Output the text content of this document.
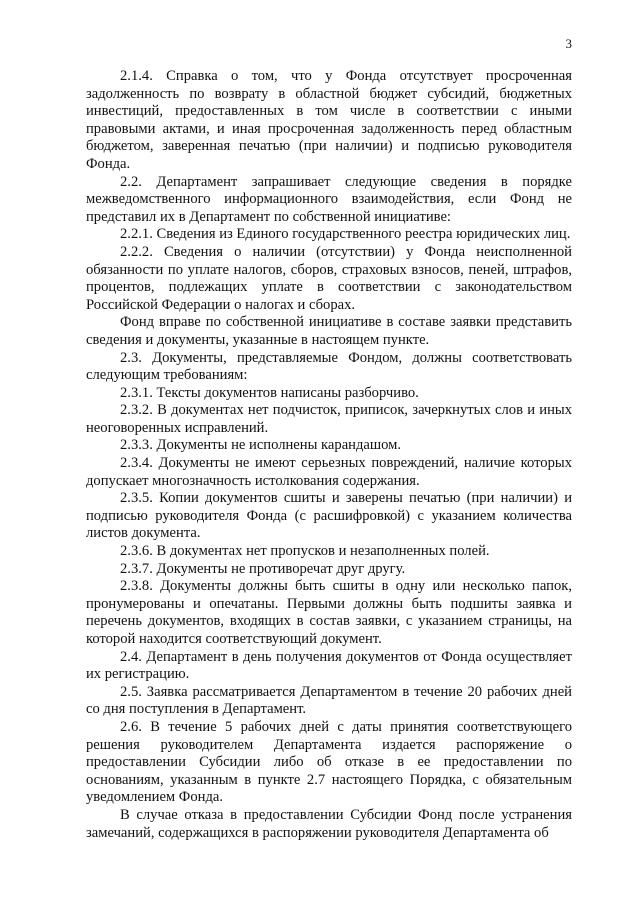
3

2.1.4. Справка о том, что у Фонда отсутствует просроченная задолженность по возврату в областной бюджет субсидий, бюджетных инвестиций, предоставленных в том числе в соответствии с иными правовыми актами, и иная просроченная задолженность перед областным бюджетом, заверенная печатью (при наличии) и подписью руководителя Фонда.

2.2. Департамент запрашивает следующие сведения в порядке межведомственного информационного взаимодействия, если Фонд не представил их в Департамент по собственной инициативе:

2.2.1. Сведения из Единого государственного реестра юридических лиц.

2.2.2. Сведения о наличии (отсутствии) у Фонда неисполненной обязанности по уплате налогов, сборов, страховых взносов, пеней, штрафов, процентов, подлежащих уплате в соответствии с законодательством Российской Федерации о налогах и сборах.

Фонд вправе по собственной инициативе в составе заявки представить сведения и документы, указанные в настоящем пункте.

2.3. Документы, представляемые Фондом, должны соответствовать следующим требованиям:

2.3.1. Тексты документов написаны разборчиво.

2.3.2. В документах нет подчисток, приписок, зачеркнутых слов и иных неоговоренных исправлений.

2.3.3. Документы не исполнены карандашом.

2.3.4. Документы не имеют серьезных повреждений, наличие которых допускает многозначность истолкования содержания.

2.3.5. Копии документов сшиты и заверены печатью (при наличии) и подписью руководителя Фонда (с расшифровкой) с указанием количества листов документа.

2.3.6. В документах нет пропусков и незаполненных полей.

2.3.7. Документы не противоречат друг другу.

2.3.8. Документы должны быть сшиты в одну или несколько папок, пронумерованы и опечатаны. Первыми должны быть подшиты заявка и перечень документов, входящих в состав заявки, с указанием страницы, на которой находится соответствующий документ.

2.4. Департамент в день получения документов от Фонда осуществляет их регистрацию.

2.5. Заявка рассматривается Департаментом в течение 20 рабочих дней со дня поступления в Департамент.

2.6. В течение 5 рабочих дней с даты принятия соответствующего решения руководителем Департамента издается распоряжение о предоставлении Субсидии либо об отказе в ее предоставлении по основаниям, указанным в пункте 2.7 настоящего Порядка, с обязательным уведомлением Фонда.

В случае отказа в предоставлении Субсидии Фонд после устранения замечаний, содержащихся в распоряжении руководителя Департамента об
